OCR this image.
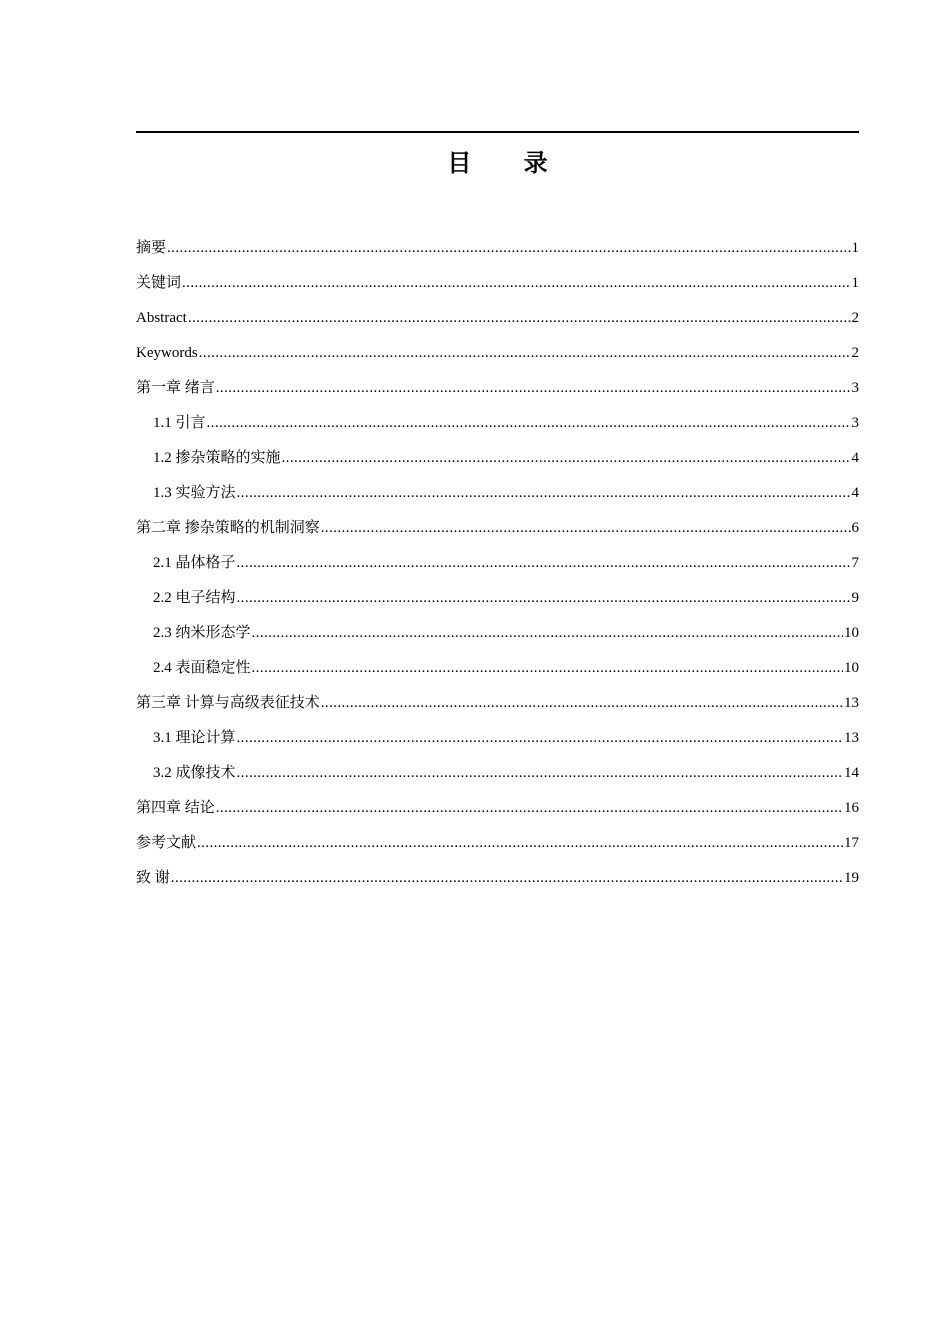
目 录
摘要 .....	1
关键词 .....	1
Abstract .....	2
Keywords .....	2
第一章 绪言 .....	3
1.1 引言 .....	3
1.2 掺杂策略的实施 .....	4
1.3 实验方法 .....	4
第二章 掺杂策略的机制洞察 .....	6
2.1 晶体格子 .....	7
2.2 电子结构 .....	9
2.3 纳米形态学 .....	10
2.4 表面稳定性 .....	10
第三章 计算与高级表征技术 .....	13
3.1 理论计算 .....	13
3.2 成像技术 .....	14
第四章 结论 .....	16
参考文献 .....	17
致 谢 .....	19
